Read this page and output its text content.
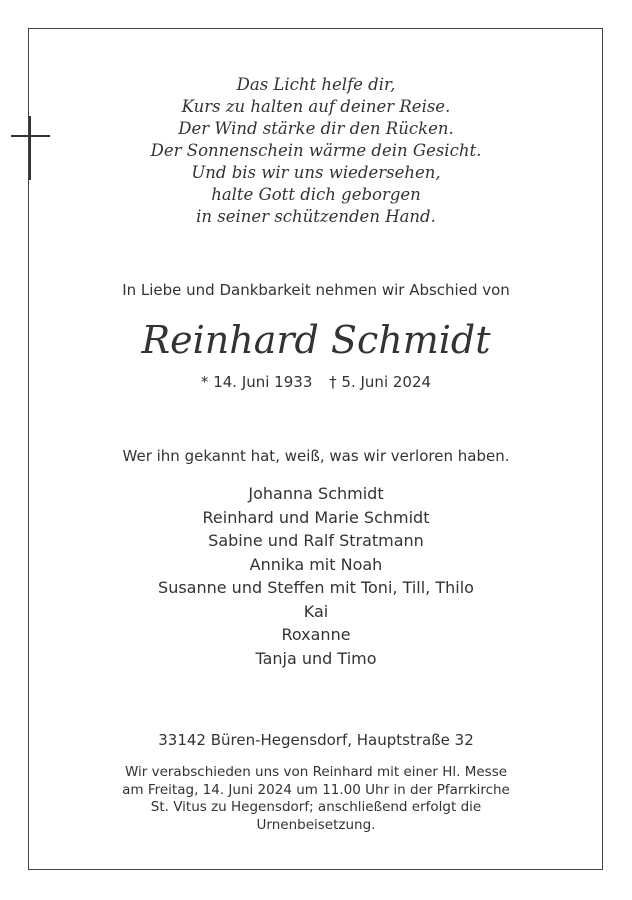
Das Licht helfe dir,
Kurs zu halten auf deiner Reise.
Der Wind stärke dir den Rücken.
Der Sonnenschein wärme dein Gesicht.
Und bis wir uns wiedersehen,
halte Gott dich geborgen
in seiner schützenden Hand.
In Liebe und Dankbarkeit nehmen wir Abschied von
Reinhard Schmidt
* 14. Juni 1933 † 5. Juni 2024
Wer ihn gekannt hat, weiß, was wir verloren haben.
Johanna Schmidt
Reinhard und Marie Schmidt
Sabine und Ralf Stratmann
Annika mit Noah
Susanne und Steffen mit Toni, Till, Thilo
Kai
Roxanne
Tanja und Timo
33142 Büren-Hegensdorf, Hauptstraße 32
Wir verabschieden uns von Reinhard mit einer Hl. Messe
am Freitag, 14. Juni 2024 um 11.00 Uhr in der Pfarrkirche
St. Vitus zu Hegensdorf; anschließend erfolgt die
Urnenbeisetzung.
